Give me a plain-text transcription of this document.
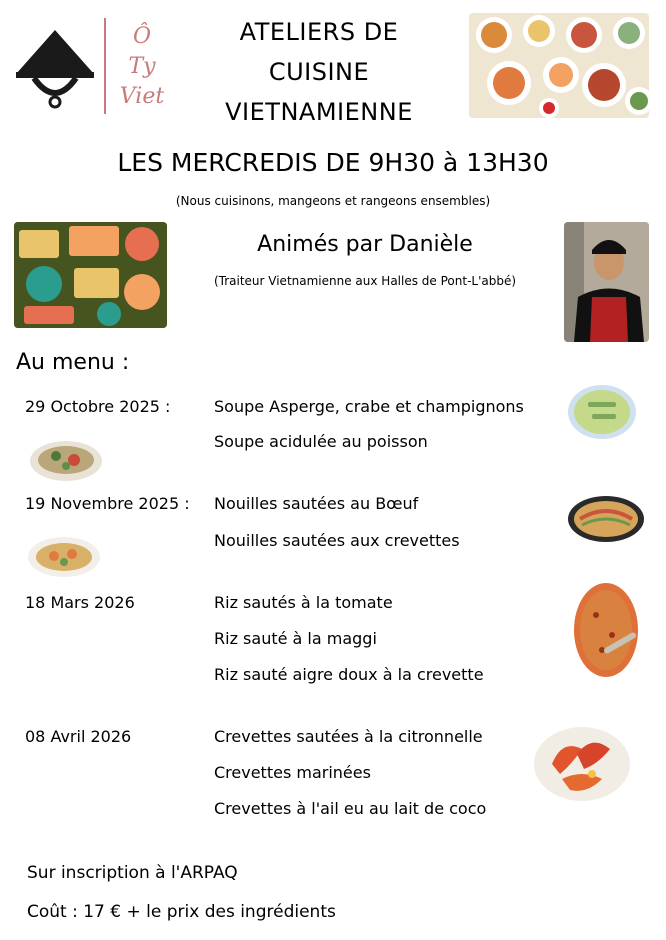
Ô
Ty
Viet
ATELIERS DE
CUISINE
VIETNAMIENNE
LES MERCREDIS DE 9H30 à 13H30
(Nous cuisinons, mangeons et rangeons ensembles)
Animés par Danièle
(Traiteur Vietnamienne aux Halles de Pont-L'abbé)
Au menu :
29 Octobre 2025 :	Soupe Asperge, crabe et champignons
Soupe acidulée au poisson
19 Novembre 2025 : Nouilles sautées au Bœuf
Nouilles sautées aux crevettes
18 Mars 2026	Riz sautés à la tomate
Riz sauté à la maggi
Riz sauté aigre doux à la crevette
08 Avril 2026	Crevettes sautées à la citronnelle
Crevettes marinées
Crevettes à l'ail eu au lait de coco
Sur inscription à l'ARPAQ
Coût : 17 € + le prix des ingrédients
